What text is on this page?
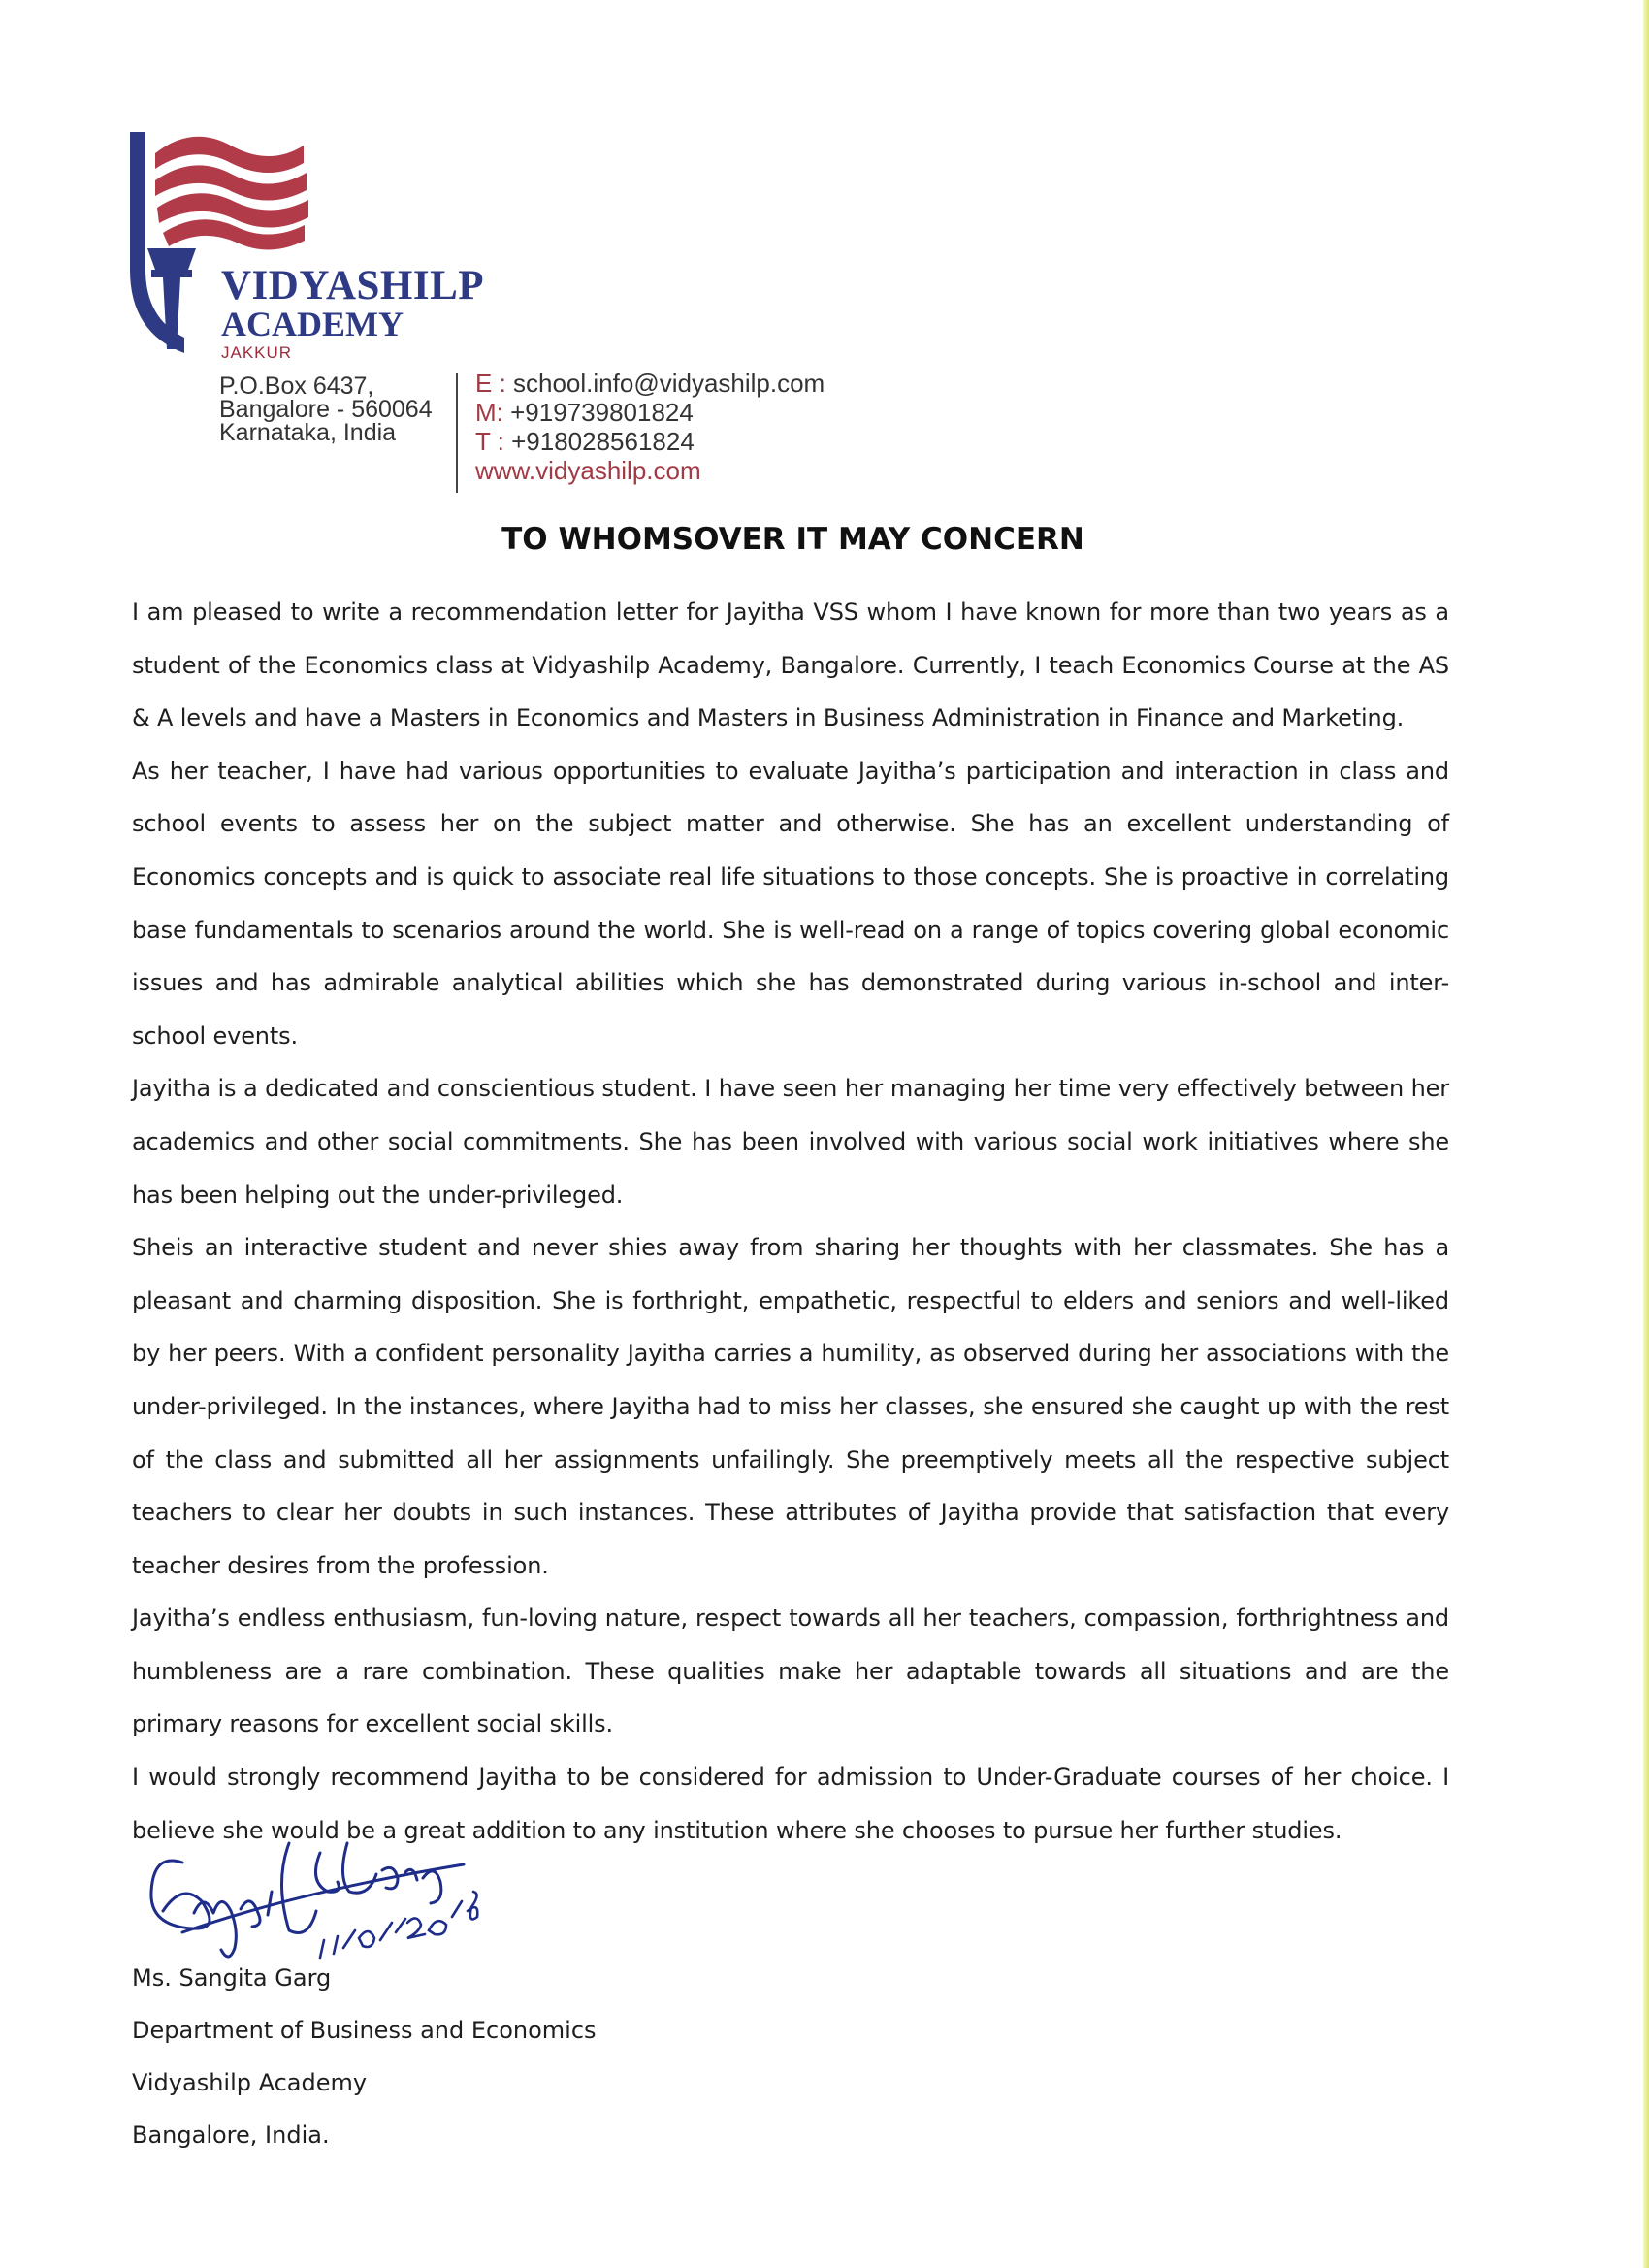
VIDYASHILP
ACADEMY
JAKKUR
P.O.Box 6437,
Bangalore - 560064
Karnataka, India
E : school.info@vidyashilp.com
M: +919739801824
T : +918028561824
www.vidyashilp.com
TO WHOMSOVER IT MAY CONCERN

I am pleased to write a recommendation letter for Jayitha VSS whom I have known for more than two years as a student of the Economics class at Vidyashilp Academy, Bangalore. Currently, I teach Economics Course at the AS & A levels and have a Masters in Economics and Masters in Business Administration in Finance and Marketing.

As her teacher, I have had various opportunities to evaluate Jayitha’s participation and interaction in class and school events to assess her on the subject matter and otherwise. She has an excellent understanding of Economics concepts and is quick to associate real life situations to those concepts. She is proactive in correlating base fundamentals to scenarios around the world. She is well-read on a range of topics covering global economic issues and has admirable analytical abilities which she has demonstrated during various in-school and inter-school events.

Jayitha is a dedicated and conscientious student. I have seen her managing her time very effectively between her academics and other social commitments. She has been involved with various social work initiatives where she has been helping out the under-privileged.

Sheis an interactive student and never shies away from sharing her thoughts with her classmates. She has a pleasant and charming disposition. She is forthright, empathetic, respectful to elders and seniors and well-liked by her peers. With a confident personality Jayitha carries a humility, as observed during her associations with the under-privileged. In the instances, where Jayitha had to miss her classes, she ensured she caught up with the rest of the class and submitted all her assignments unfailingly. She preemptively meets all the respective subject teachers to clear her doubts in such instances. These attributes of Jayitha provide that satisfaction that every teacher desires from the profession.

Jayitha’s endless enthusiasm, fun-loving nature, respect towards all her teachers, compassion, forthrightness and humbleness are a rare combination. These qualities make her adaptable towards all situations and are the primary reasons for excellent social skills.

I would strongly recommend Jayitha to be considered for admission to Under-Graduate courses of her choice. I believe she would be a great addition to any institution where she chooses to pursue her further studies.

Ms. Sangita Garg
Department of Business and Economics
Vidyashilp Academy
Bangalore, India.
